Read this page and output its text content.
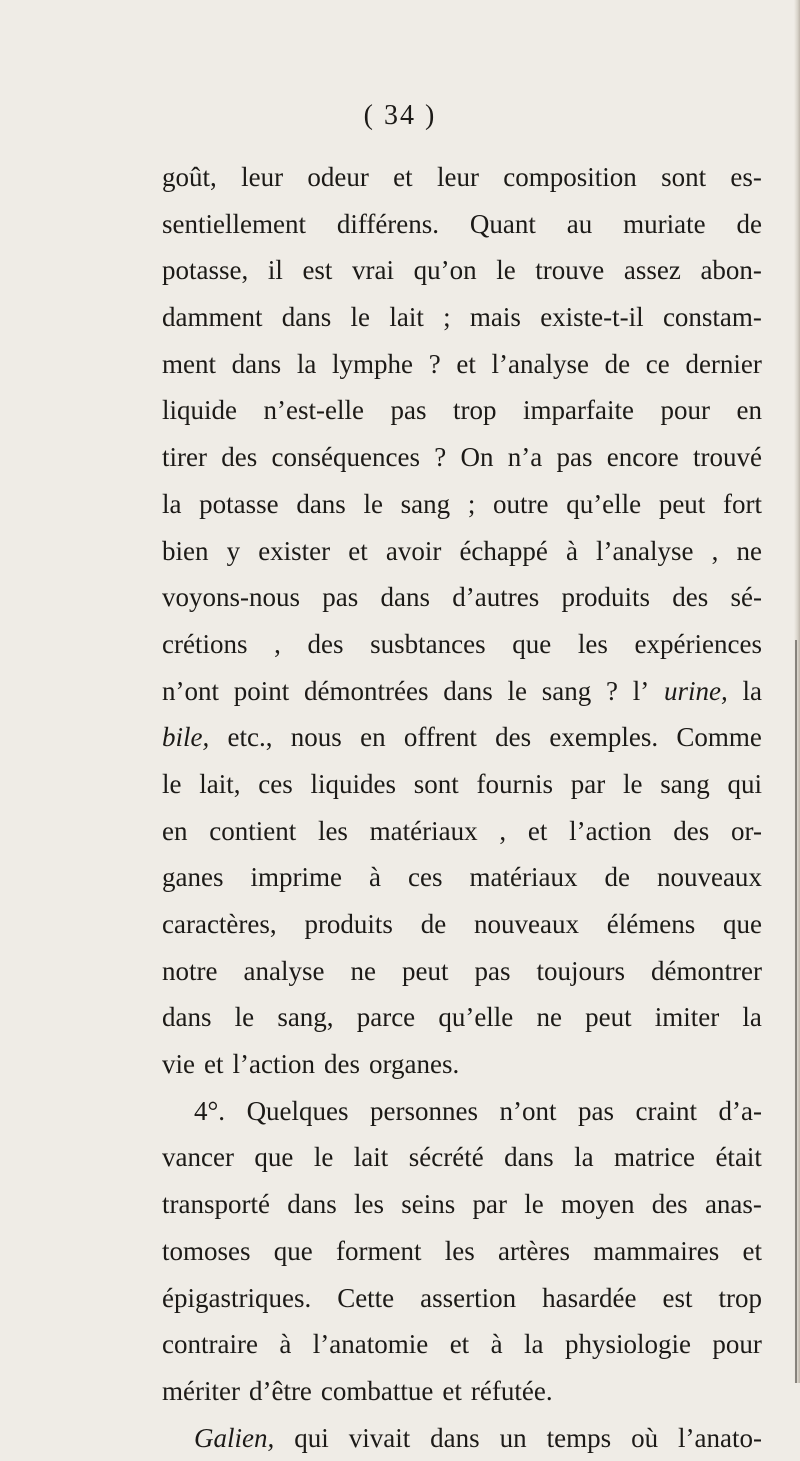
( 34 )
goût, leur odeur et leur composition sont es-
sentiellement différens. Quant au muriate de
potasse, il est vrai qu’on le trouve assez abon-
damment dans le lait ; mais existe-t-il constam-
ment dans la lymphe ? et l’analyse de ce dernier
liquide n’est-elle pas trop imparfaite pour en
tirer des conséquences ? On n’a pas encore trouvé
la potasse dans le sang ; outre qu’elle peut fort
bien y exister et avoir échappé à l’analyse , ne
voyons-nous pas dans d’autres produits des sé-
crétions , des susbtances que les expériences
n’ont point démontrées dans le sang ? l’ urine, la
bile, etc., nous en offrent des exemples. Comme
le lait, ces liquides sont fournis par le sang qui
en contient les matériaux , et l’action des or-
ganes imprime à ces matériaux de nouveaux
caractères, produits de nouveaux élémens que
notre analyse ne peut pas toujours démontrer
dans le sang, parce qu’elle ne peut imiter la
vie et l’action des organes.
4°. Quelques personnes n’ont pas craint d’a-
vancer que le lait sécrété dans la matrice était
transporté dans les seins par le moyen des anas-
tomoses que forment les artères mammaires et
épigastriques. Cette assertion hasardée est trop
contraire à l’anatomie et à la physiologie pour
mériter d’être combattue et réfutée.
Galien, qui vivait dans un temps où l’anato-
